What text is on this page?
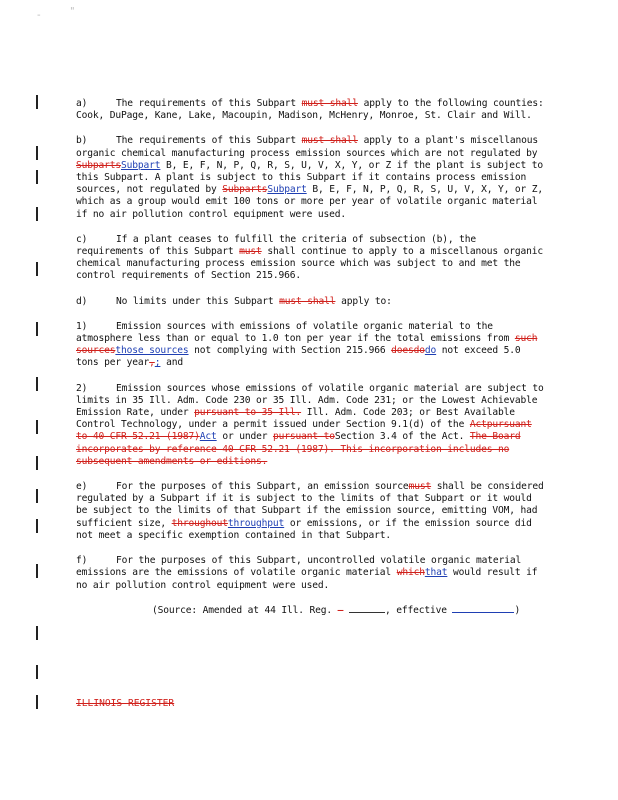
-	"

a)	The requirements of this Subpart must shall apply to the following counties: Cook, DuPage, Kane, Lake, Macoupin, Madison, McHenry, Monroe, St. Clair and Will.

b)	The requirements of this Subpart must shall apply to a plant's miscellanous organic chemical manufacturing process emission sources which are not regulated by SubpartsSubpart B, E, F, N, P, Q, R, S, U, V, X, Y, or Z if the plant is subject to this Subpart. A plant is subject to this Subpart if it contains process emission sources, not regulated by SubpartsSubpart B, E, F, N, P, Q, R, S, U, V, X, Y, or Z, which as a group would emit 100 tons or more per year of volatile organic material if no air pollution control equipment were used.

c)	If a plant ceases to fulfill the criteria of subsection (b), the requirements of this Subpart must shall continue to apply to a miscellanous organic chemical manufacturing process emission source which was subject to and met the control requirements of Section 215.966.

d)	No limits under this Subpart must shall apply to:

1)	Emission sources with emissions of volatile organic material to the atmosphere less than or equal to 1.0 ton per year if the total emissions from such sourcesthose sources not complying with Section 215.966 doesdodo not exceed 5.0 tons per year,; and

2)	Emission sources whose emissions of volatile organic material are subject to limits in 35 Ill. Adm. Code 230 or 35 Ill. Adm. Code 231; or the Lowest Achievable Emission Rate, under pursuant to 35 Ill. Ill. Adm. Code 203; or Best Available Control Technology, under a permit issued under Section 9.1(d) of the Actpursuant to 40 CFR 52.21 (1987)Act or under pursuant toSection 3.4 of the Act. The Board incorporates by reference 40 CFR 52.21 (1987). This incorporation includes no subsequent amendments or editions.

e)	For the purposes of this Subpart, an emission sourcemust shall be considered regulated by a Subpart if it is subject to the limits of that Subpart or it would be subject to the limits of that Subpart if the emission source, emitting VOM, had sufficient size, throughoutthroughput or emissions, or if the emission source did not meet a specific exemption contained in that Subpart.

f)	For the purposes of this Subpart, uncontrolled volatile organic material emissions are the emissions of volatile organic material whichthat would result if no air pollution control equipment were used.

(Source: Amended at 44 Ill. Reg. —	, effective	)

ILLINOIS REGISTER
